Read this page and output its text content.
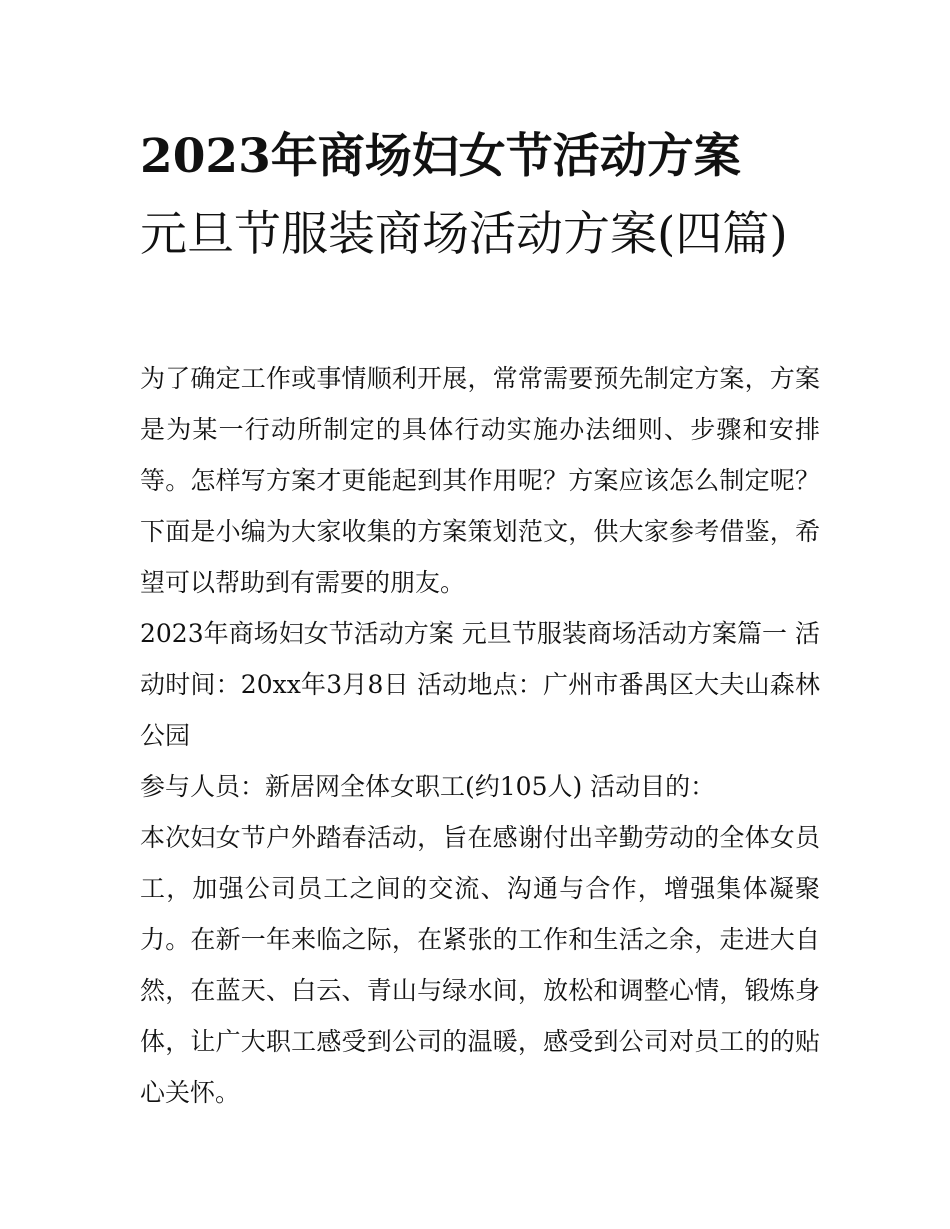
2023年商场妇女节活动方案
元旦节服装商场活动方案(四篇)

为了确定工作或事情顺利开展，常常需要预先制定方案，方案是为某一行动所制定的具体行动实施办法细则、步骤和安排等。怎样写方案才更能起到其作用呢？方案应该怎么制定呢？下面是小编为大家收集的方案策划范文，供大家参考借鉴，希望可以帮助到有需要的朋友。

2023年商场妇女节活动方案 元旦节服装商场活动方案篇一 活动时间：20xx年3月8日 活动地点：广州市番禺区大夫山森林公园

参与人员：新居网全体女职工(约105人) 活动目的：

本次妇女节户外踏春活动，旨在感谢付出辛勤劳动的全体女员工，加强公司员工之间的交流、沟通与合作，增强集体凝聚力。在新一年来临之际，在紧张的工作和生活之余，走进大自然，在蓝天、白云、青山与绿水间，放松和调整心情，锻炼身体，让广大职工感受到公司的温暖，感受到公司对员工的的贴心关怀。
